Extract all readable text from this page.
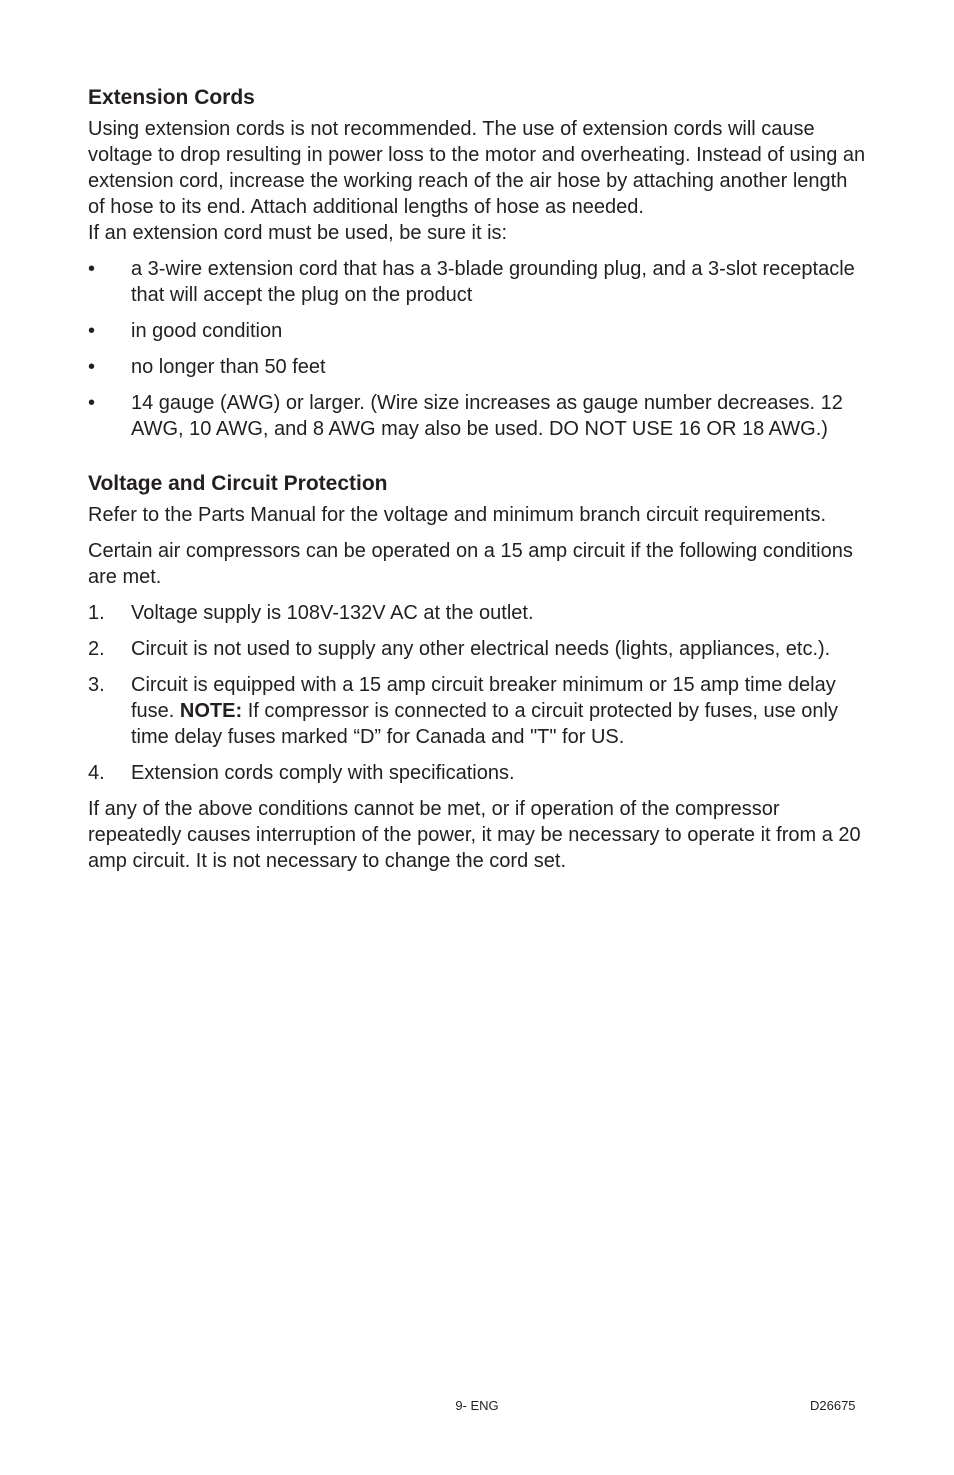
Extension Cords

Using extension cords is not recommended. The use of extension cords will cause voltage to drop resulting in power loss to the motor and overheating. Instead of using an extension cord, increase the working reach of the air hose by attaching another length of hose to its end. Attach additional lengths of hose as needed.

If an extension cord must be used, be sure it is:

• a 3-wire extension cord that has a 3-blade grounding plug, and a 3-slot receptacle that will accept the plug on the product
• in good condition
• no longer than 50 feet
• 14 gauge (AWG) or larger. (Wire size increases as gauge number decreases. 12 AWG, 10 AWG, and 8 AWG may also be used. DO NOT USE 16 OR 18 AWG.)
Voltage and Circuit Protection

Refer to the Parts Manual for the voltage and minimum branch circuit requirements.

Certain air compressors can be operated on a 15 amp circuit if the following conditions are met.

1. Voltage supply is 108V-132V AC at the outlet.
2. Circuit is not used to supply any other electrical needs (lights, appliances, etc.).
3. Circuit is equipped with a 15 amp circuit breaker minimum or 15 amp time delay fuse. NOTE: If compressor is connected to a circuit protected by fuses, use only time delay fuses marked “D” for Canada and "T" for US.
4. Extension cords comply with specifications.

If any of the above conditions cannot be met, or if operation of the compressor repeatedly causes interruption of the power, it may be necessary to operate it from a 20 amp circuit. It is not necessary to change the cord set.

9- ENG	D26675
